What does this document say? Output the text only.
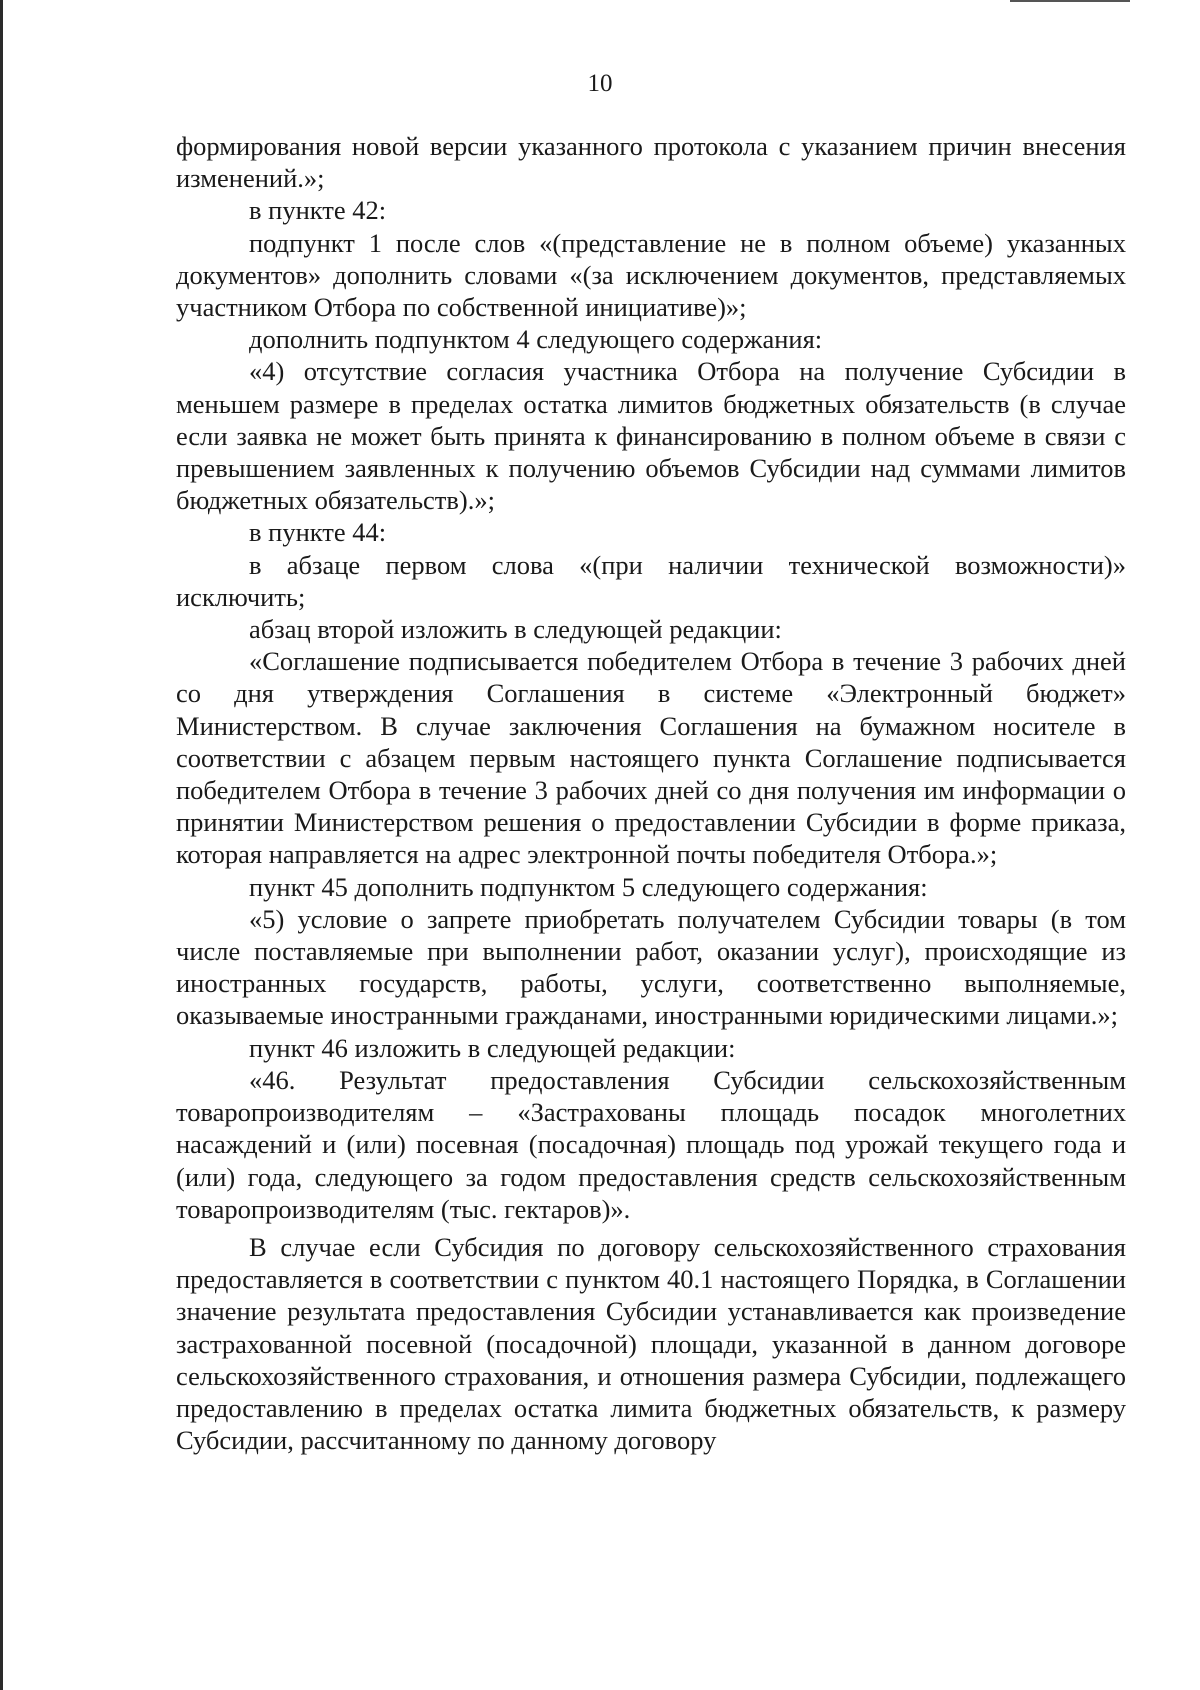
10

формирования новой версии указанного протокола с указанием причин внесения изменений.»;

в пункте 42:

подпункт 1 после слов «(представление не в полном объеме) указанных документов» дополнить словами «(за исключением документов, представляемых участником Отбора по собственной инициативе)»;

дополнить подпунктом 4 следующего содержания:

«4) отсутствие согласия участника Отбора на получение Субсидии в меньшем размере в пределах остатка лимитов бюджетных обязательств (в случае если заявка не может быть принята к финансированию в полном объеме в связи с превышением заявленных к получению объемов Субсидии над суммами лимитов бюджетных обязательств).»;

в пункте 44:

в абзаце первом слова «(при наличии технической возможности)» исключить;

абзац второй изложить в следующей редакции:

«Соглашение подписывается победителем Отбора в течение 3 рабочих дней со дня утверждения Соглашения в системе «Электронный бюджет» Министерством. В случае заключения Соглашения на бумажном носителе в соответствии с абзацем первым настоящего пункта Соглашение подписывается победителем Отбора в течение 3 рабочих дней со дня получения им информации о принятии Министерством решения о предоставлении Субсидии в форме приказа, которая направляется на адрес электронной почты победителя Отбора.»;

пункт 45 дополнить подпунктом 5 следующего содержания:

«5) условие о запрете приобретать получателем Субсидии товары (в том числе поставляемые при выполнении работ, оказании услуг), происходящие из иностранных государств, работы, услуги, соответственно выполняемые, оказываемые иностранными гражданами, иностранными юридическими лицами.»;

пункт 46 изложить в следующей редакции:

«46. Результат предоставления Субсидии сельскохозяйственным товаропроизводителям – «Застрахованы площадь посадок многолетних насаждений и (или) посевная (посадочная) площадь под урожай текущего года и (или) года, следующего за годом предоставления средств сельскохозяйственным товаропроизводителям (тыс. гектаров)».

В случае если Субсидия по договору сельскохозяйственного страхования предоставляется в соответствии с пунктом 40.1 настоящего Порядка, в Соглашении значение результата предоставления Субсидии устанавливается как произведение застрахованной посевной (посадочной) площади, указанной в данном договоре сельскохозяйственного страхования, и отношения размера Субсидии, подлежащего предоставлению в пределах остатка лимита бюджетных обязательств, к размеру Субсидии, рассчитанному по данному договору
